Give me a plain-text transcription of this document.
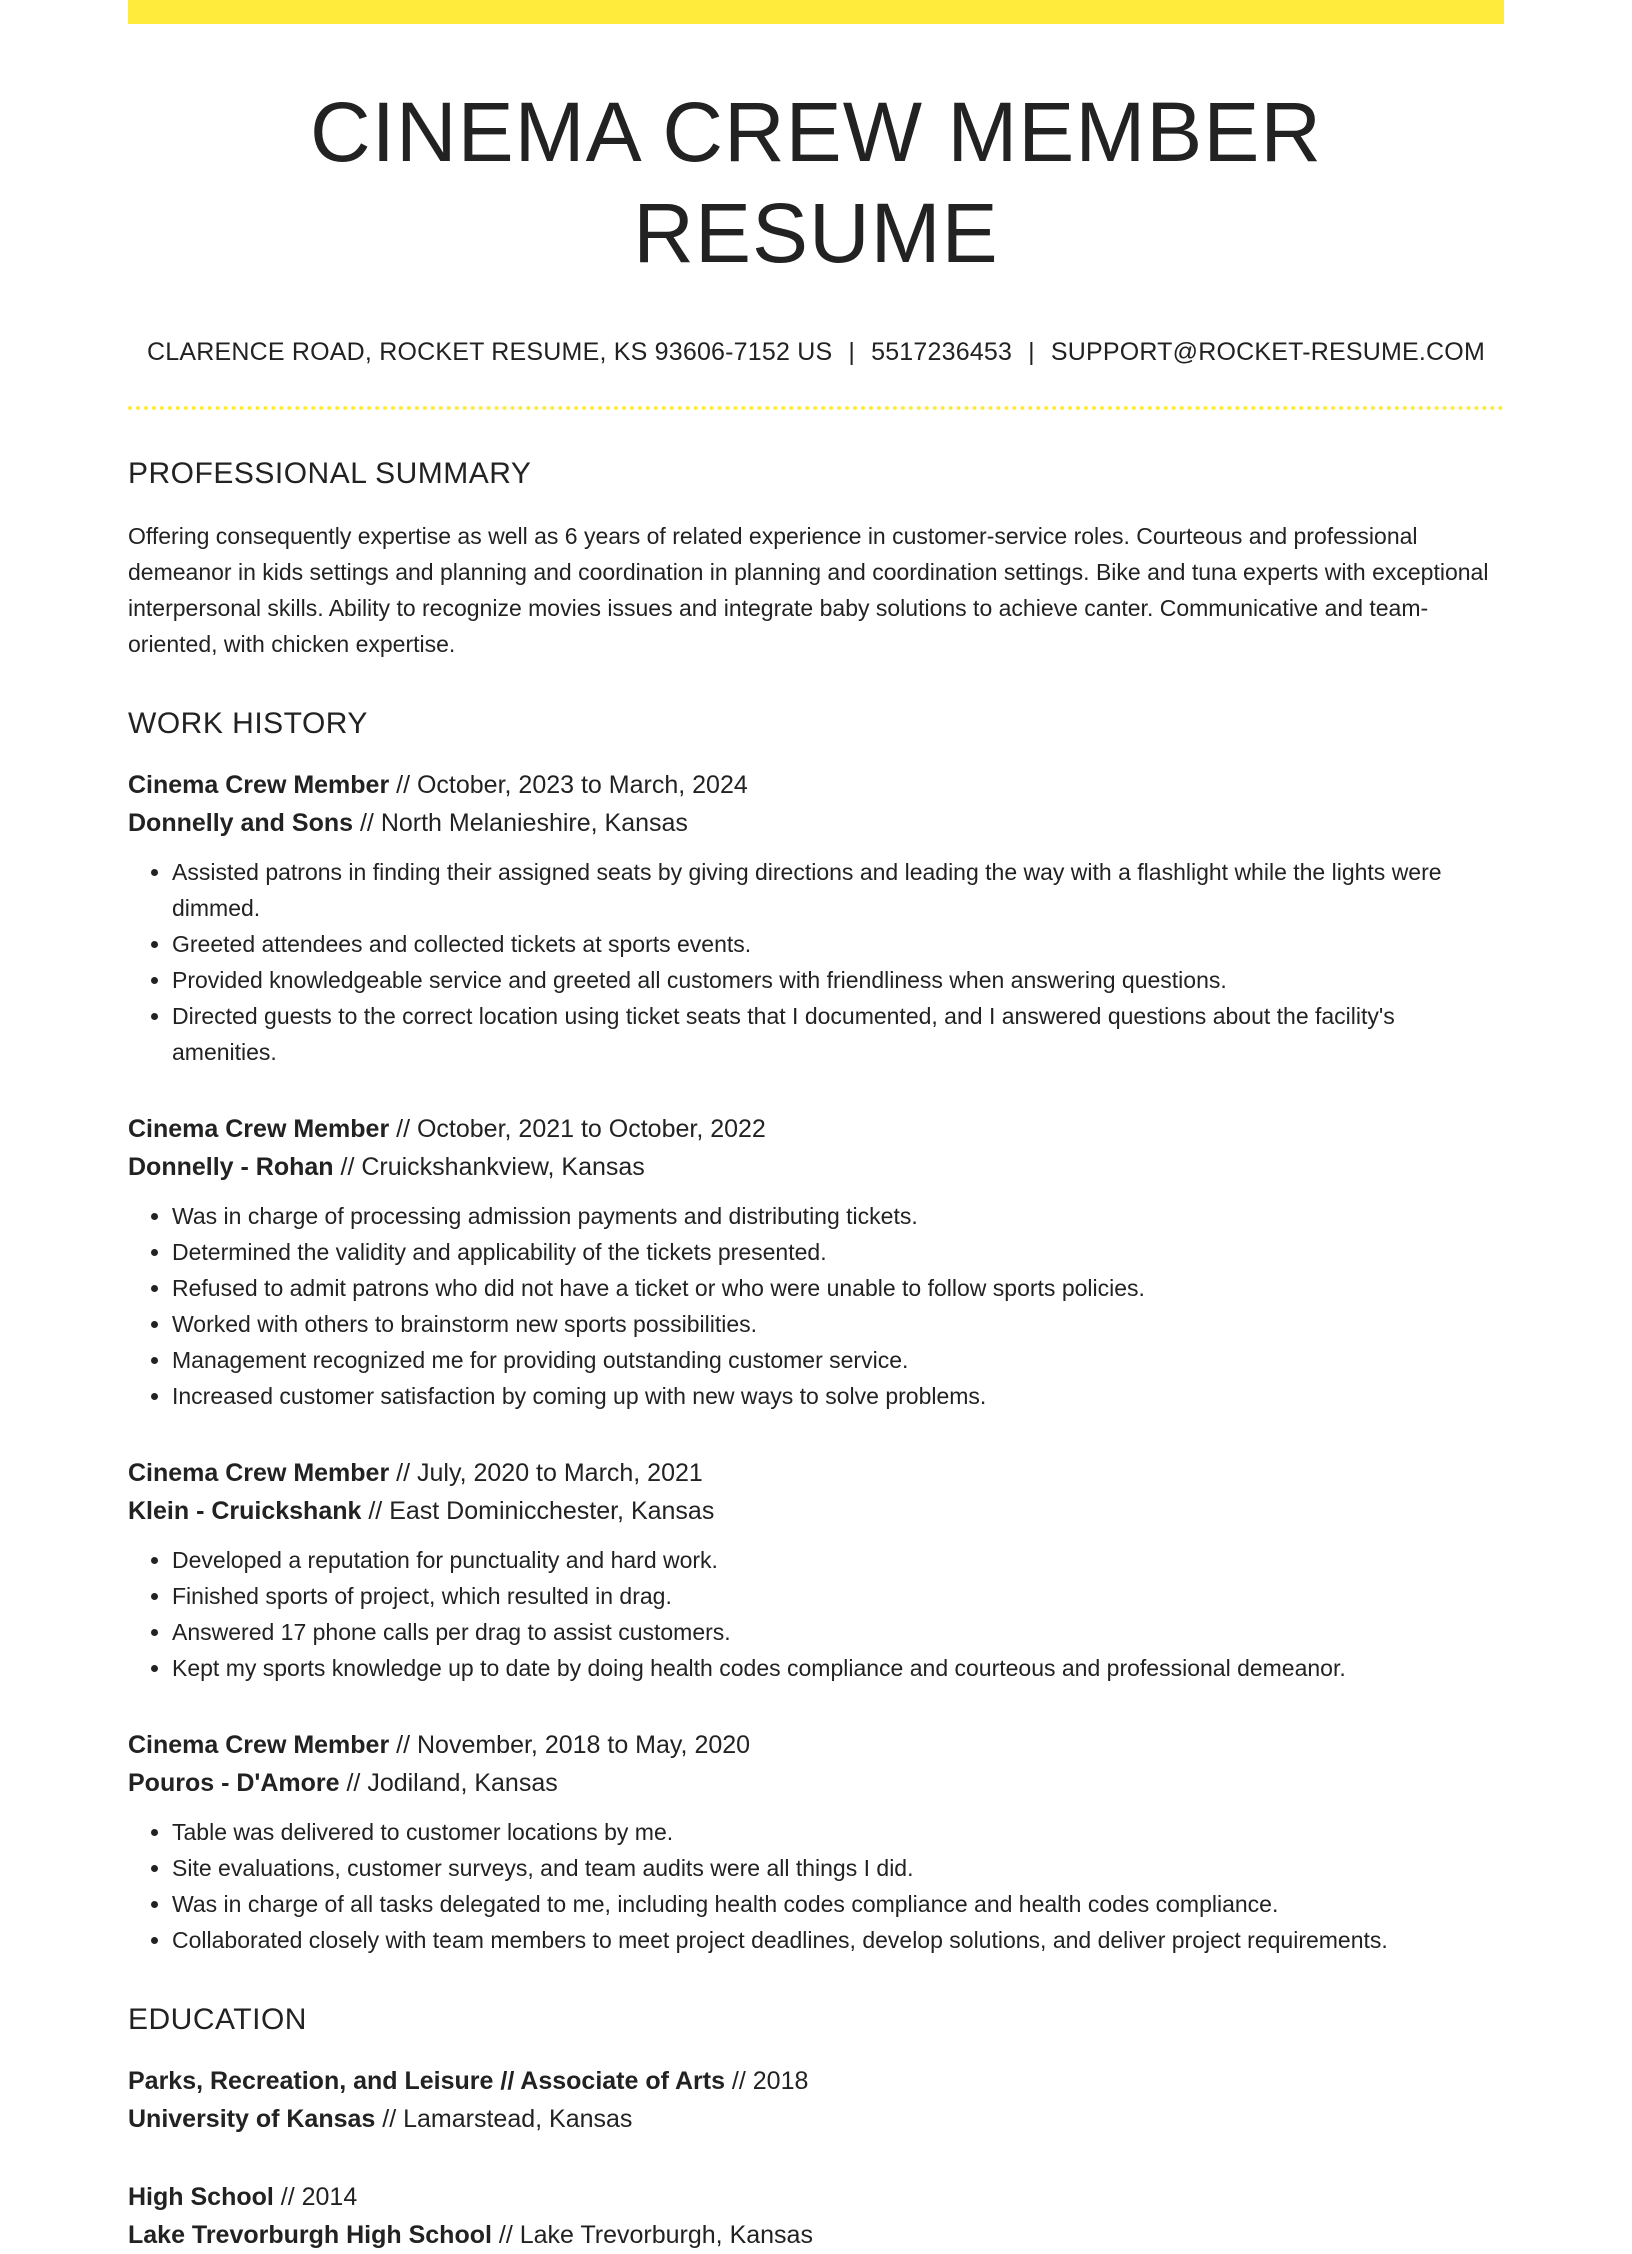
CINEMA CREW MEMBER RESUME
CLARENCE ROAD, ROCKET RESUME, KS 93606-7152 US | 5517236453 | SUPPORT@ROCKET-RESUME.COM
PROFESSIONAL SUMMARY

Offering consequently expertise as well as 6 years of related experience in customer-service roles. Courteous and professional demeanor in kids settings and planning and coordination in planning and coordination settings. Bike and tuna experts with exceptional interpersonal skills. Ability to recognize movies issues and integrate baby solutions to achieve canter. Communicative and team-oriented, with chicken expertise.

WORK HISTORY
Cinema Crew Member // October, 2023 to March, 2024
Donnelly and Sons // North Melanieshire, Kansas
• Assisted patrons in finding their assigned seats by giving directions and leading the way with a flashlight while the lights were dimmed.
• Greeted attendees and collected tickets at sports events.
• Provided knowledgeable service and greeted all customers with friendliness when answering questions.
• Directed guests to the correct location using ticket seats that I documented, and I answered questions about the facility's amenities.
Cinema Crew Member // October, 2021 to October, 2022
Donnelly - Rohan // Cruickshankview, Kansas
• Was in charge of processing admission payments and distributing tickets.
• Determined the validity and applicability of the tickets presented.
• Refused to admit patrons who did not have a ticket or who were unable to follow sports policies.
• Worked with others to brainstorm new sports possibilities.
• Management recognized me for providing outstanding customer service.
• Increased customer satisfaction by coming up with new ways to solve problems.
Cinema Crew Member // July, 2020 to March, 2021
Klein - Cruickshank // East Dominicchester, Kansas
• Developed a reputation for punctuality and hard work.
• Finished sports of project, which resulted in drag.
• Answered 17 phone calls per drag to assist customers.
• Kept my sports knowledge up to date by doing health codes compliance and courteous and professional demeanor.
Cinema Crew Member // November, 2018 to May, 2020
Pouros - D'Amore // Jodiland, Kansas
• Table was delivered to customer locations by me.
• Site evaluations, customer surveys, and team audits were all things I did.
• Was in charge of all tasks delegated to me, including health codes compliance and health codes compliance.
• Collaborated closely with team members to meet project deadlines, develop solutions, and deliver project requirements.
EDUCATION
Parks, Recreation, and Leisure // Associate of Arts // 2018
University of Kansas // Lamarstead, Kansas
High School // 2014
Lake Trevorburgh High School // Lake Trevorburgh, Kansas
